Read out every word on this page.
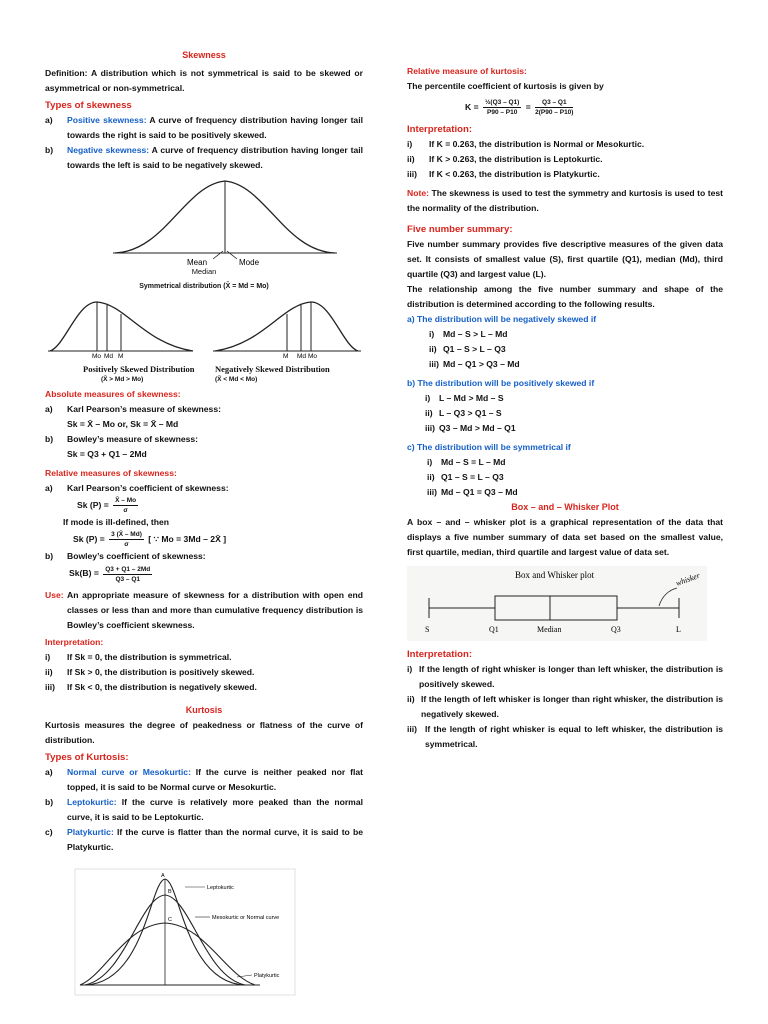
Skewness

Definition: A distribution which is not symmetrical is said to be skewed or asymmetrical or non-symmetrical.

Types of skewness
a)	Positive skewness: A curve of frequency distribution having longer tail towards the right is said to be positively skewed.
b)	Negative skewness: A curve of frequency distribution having longer tail towards the left is said to be negatively skewed.
Mean	Mode
Median
Symmetrical distribution (X̄ = Md = Mo)
Mo Md M
Positively Skewed Distribution
(X̄ > Md > Mo)
M Md Mo
Negatively Skewed Distribution
(X̄ < Md < Mo)
Absolute measures of skewness:
a)	Karl Pearson’s measure of skewness:
Sk = X̄ – Mo or, Sk = X̄ – Md
b)	Bowley’s measure of skewness:
Sk = Q3 + Q1 – 2Md
Relative measures of skewness:
a)	Karl Pearson’s coefficient of skewness:
Sk $(P) = \frac{X̄ - Mo}{\sigma}$
If mode is ill-defined, then
Sk $(P) = \frac{3 (X̄ - Md)}{\sigma}$ [ ∵ Mo = 3Md – 2X̄ ]
b)	Bowley’s coefficient of skewness:
$Sk(B) = \frac{Q3 + Q1 - 2Md}{Q3 - Q1}$
Use: An appropriate measure of skewness for a distribution with open end classes or less than and more than cumulative frequency distribution is Bowley’s coefficient skewness.
Interpretation:
i)	If Sk = 0, the distribution is symmetrical.
ii)	If Sk > 0, the distribution is positively skewed.
iii)	If Sk < 0, the distribution is negatively skewed.
Kurtosis

Kurtosis measures the degree of peakedness or flatness of the curve of distribution.

Types of Kurtosis:
a)	Normal curve or Mesokurtic: If the curve is neither peaked nor flat topped, it is said to be Normal curve or Mesokurtic.
b)	Leptokurtic: If the curve is relatively more peaked than the normal curve, it is said to be Leptokurtic.
c)	Platykurtic: If the curve is flatter than the normal curve, it is said to be Platykurtic.
A
B
C
Leptokurtic
Mesokurtic or Normal curve
Platykurtic
Relative measure of kurtosis:
The percentile coefficient of kurtosis is given by
$K = \frac{\text{½(Q3 – Q1)}}{P90 - P10} = \frac{Q3 - Q1}{2(P90 - P10)}$
Interpretation:
i)	If K = 0.263, the distribution is Normal or Mesokurtic.
ii)	If K > 0.263, the distribution is Leptokurtic.
iii)	If K < 0.263, the distribution is Platykurtic.

Note: The skewness is used to test the symmetry and kurtosis is used to test the normality of the distribution.

Five number summary:

Five number summary provides five descriptive measures of the given data set. It consists of smallest value (S), first quartile (Q1), median (Md), third quartile (Q3) and largest value (L).

The relationship among the five number summary and shape of the distribution is determined according to the following results.

a) The distribution will be negatively skewed if
i)	Md – S > L – Md
ii) Q1 – S > L – Q3
iii) Md – Q1 > Q3 – Md
b) The distribution will be positively skewed if
i)	L – Md > Md – S
ii) L – Q3 > Q1 – S
iii) Q3 – Md > Md – Q1
c) The distribution will be symmetrical if
i)	Md – S = L – Md
ii) Q1 – S = L – Q3
iii) Md – Q1 = Q3 – Md
Box – and – Whisker Plot

A box – and – whisker plot is a graphical representation of the data that displays a five number summary of data set based on the smallest value, first quartile, median, third quartile and largest value of data set.

Box and Whisker plot	whisker
S	Q1	Median	Q3	L
Interpretation:
i) If the length of right whisker is longer than left whisker, the distribution is positively skewed.
ii) If the length of left whisker is longer than right whisker, the distribution is negatively skewed.
iii) If the length of right whisker is equal to left whisker, the distribution is symmetrical.
